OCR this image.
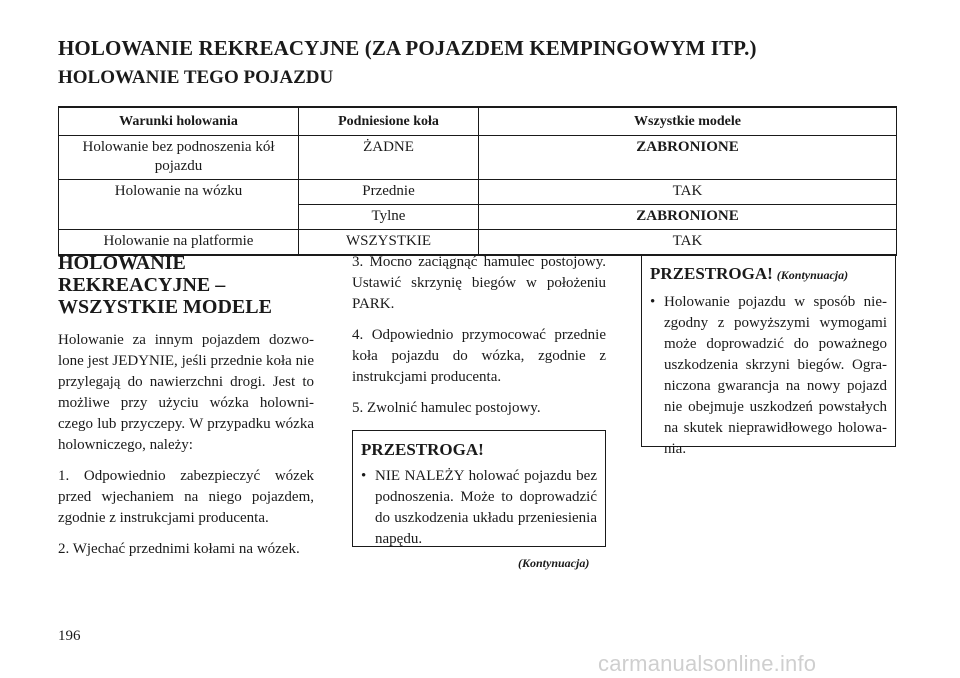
HOLOWANIE REKREACYJNE (ZA POJAZDEM KEMPINGOWYM ITP.)
HOLOWANIE TEGO POJAZDU
Warunki holowania	Podniesione koła	Wszystkie modele
Holowanie bez podnoszenia kół pojazdu	ŻADNE	ZABRONIONE
Holowanie na wózku	Przednie	TAK
	Tylne	ZABRONIONE
Holowanie na platformie	WSZYSTKIE	TAK
HOLOWANIE REKREACYJNE – WSZYSTKIE MODELE

Holowanie za innym pojazdem dozwolone jest JEDYNIE, jeśli przednie koła nie przylegają do nawierzchni drogi. Jest to możliwe przy użyciu wózka holowniczego lub przyczepy. W przypadku wózka holowniczego, należy:

1. Odpowiednio zabezpieczyć wózek przed wjechaniem na niego pojazdem, zgodnie z instrukcjami producenta.

2. Wjechać przednimi kołami na wózek.

3. Mocno zaciągnąć hamulec postojowy. Ustawić skrzynię biegów w położeniu PARK.

4. Odpowiednio przymocować przednie koła pojazdu do wózka, zgodnie z instrukcjami producenta.

5. Zwolnić hamulec postojowy.

PRZESTROGA!
• NIE NALEŻY holować pojazdu bez podnoszenia. Może to doprowadzić do uszkodzenia układu przeniesienia napędu.
(Kontynuacja)
PRZESTROGA! (Kontynuacja)
• Holowanie pojazdu w sposób niezgodny z powyższymi wymogami może doprowadzić do poważnego uszkodzenia skrzyni biegów. Ograniczona gwarancja na nowy pojazd nie obejmuje uszkodzeń powstałych na skutek nieprawidłowego holowania.
196
carmanualsonline.info
